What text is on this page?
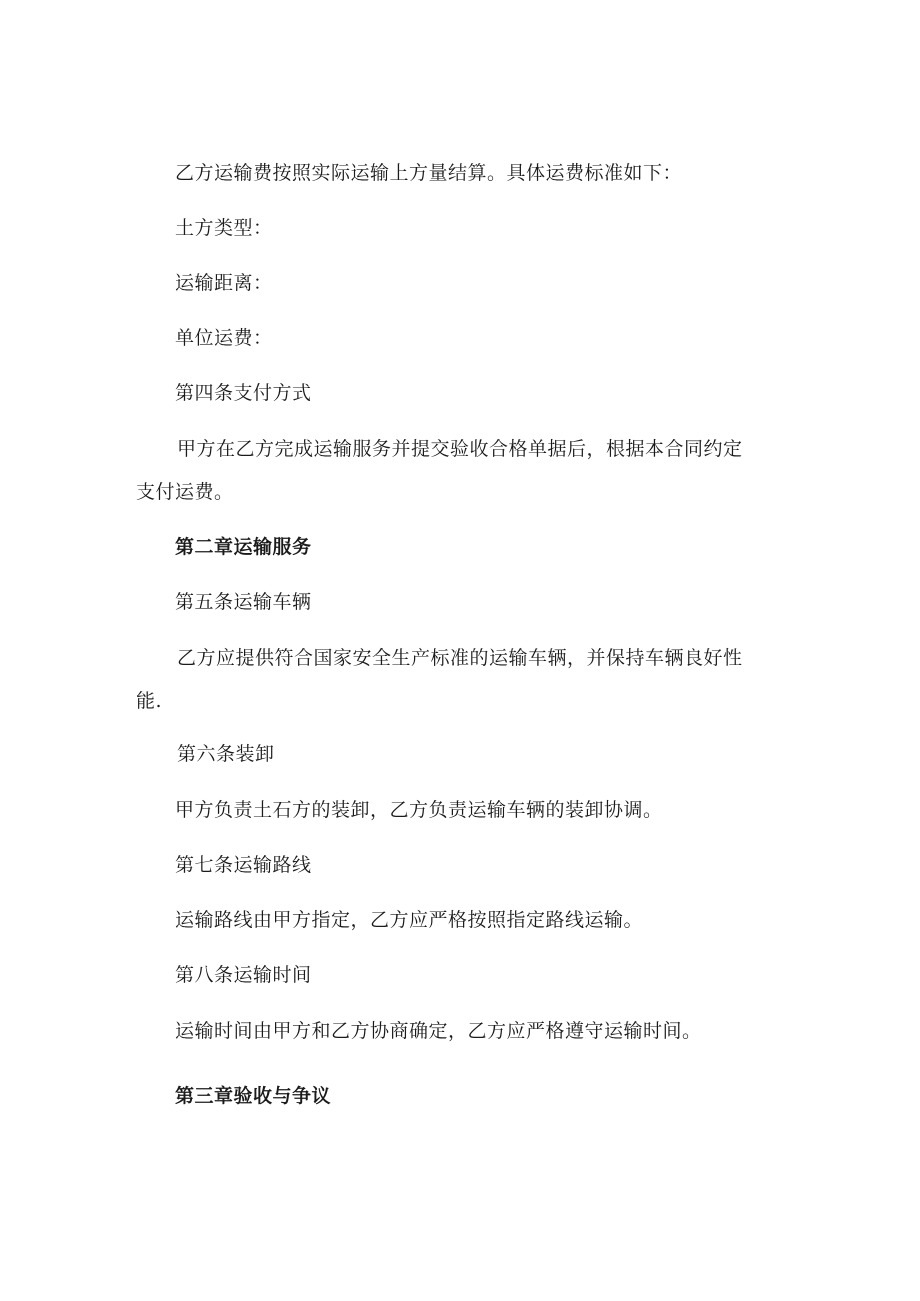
乙方运输费按照实际运输上方量结算。具体运费标准如下：
土方类型：
运输距离：
单位运费：
第四条支付方式
甲方在乙方完成运输服务并提交验收合格单据后，根据本合同约定
支付运费。
第二章运输服务
第五条运输车辆
乙方应提供符合国家安全生产标准的运输车辆，并保持车辆良好性
能.
第六条装卸
甲方负责土石方的装卸，乙方负责运输车辆的装卸协调。
第七条运输路线
运输路线由甲方指定，乙方应严格按照指定路线运输。
第八条运输时间
运输时间由甲方和乙方协商确定，乙方应严格遵守运输时间。
第三章验收与争议
